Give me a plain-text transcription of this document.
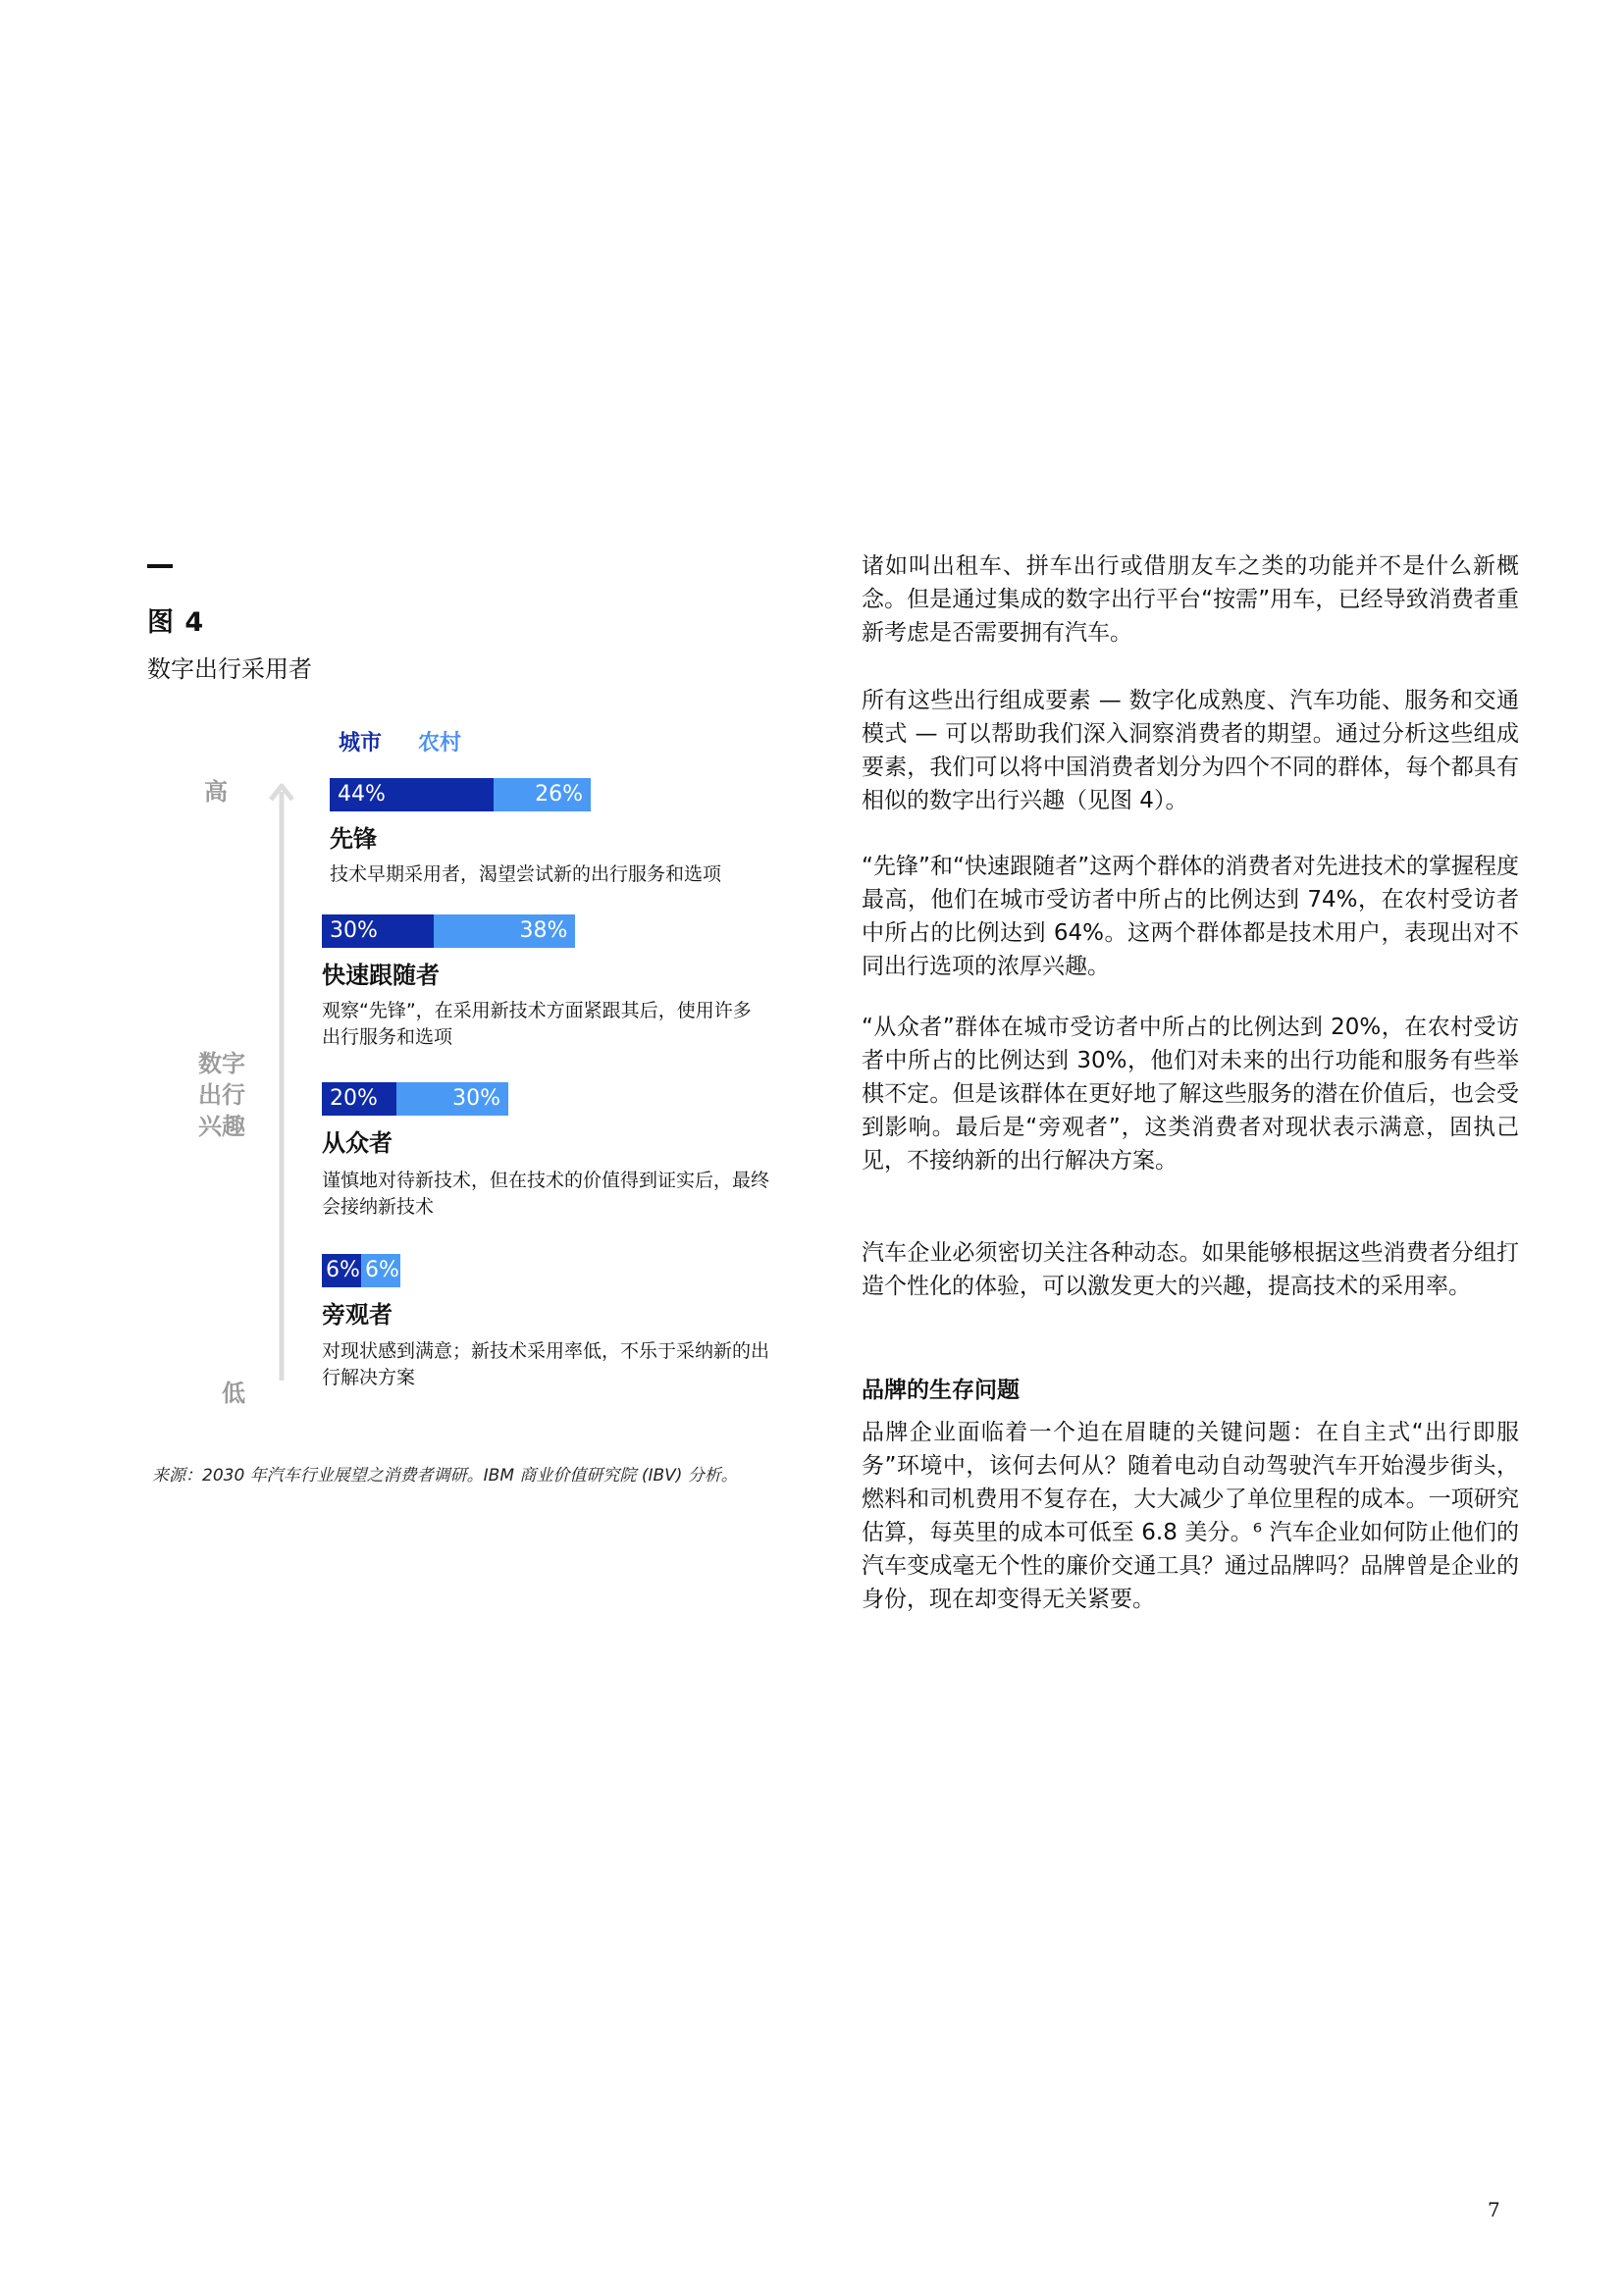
图 4
数字出行采用者
城市 农村
高
数字
出行
兴趣
低
44%	26%
先锋
技术早期采用者，渴望尝试新的出行服务和选项
30%	38%
快速跟随者
观察“先锋”，在采用新技术方面紧跟其后，使用许多出行服务和选项
20%	30%
从众者
谨慎地对待新技术，但在技术的价值得到证实后，最终会接纳新技术
6% 6%
旁观者
对现状感到满意；新技术采用率低，不乐于采纳新的出行解决方案
来源：2030 年汽车行业展望之消费者调研。IBM 商业价值研究院 (IBV) 分析。
诸如叫出租车、拼车出行或借朋友车之类的功能并不是什么新概念。但是通过集成的数字出行平台“按需”用车，已经导致消费者重新考虑是否需要拥有汽车。
所有这些出行组成要素 — 数字化成熟度、汽车功能、服务和交通模式 — 可以帮助我们深入洞察消费者的期望。通过分析这些组成要素，我们可以将中国消费者划分为四个不同的群体，每个都具有相似的数字出行兴趣（见图 4）。
“先锋”和“快速跟随者”这两个群体的消费者对先进技术的掌握程度最高，他们在城市受访者中所占的比例达到 74%，在农村受访者中所占的比例达到 64%。这两个群体都是技术用户，表现出对不同出行选项的浓厚兴趣。
“从众者”群体在城市受访者中所占的比例达到 20%，在农村受访者中所占的比例达到 30%，他们对未来的出行功能和服务有些举棋不定。但是该群体在更好地了解这些服务的潜在价值后，也会受到影响。最后是“旁观者”，这类消费者对现状表示满意，固执己见，不接纳新的出行解决方案。
汽车企业必须密切关注各种动态。如果能够根据这些消费者分组打造个性化的体验，可以激发更大的兴趣，提高技术的采用率。
品牌的生存问题
品牌企业面临着一个迫在眉睫的关键问题：在自主式“出行即服务”环境中，该何去何从？随着电动自动驾驶汽车开始漫步街头，燃料和司机费用不复存在，大大减少了单位里程的成本。一项研究估算，每英里的成本可低至 6.8 美分。⁶ 汽车企业如何防止他们的汽车变成毫无个性的廉价交通工具？通过品牌吗？品牌曾是企业的身份，现在却变得无关紧要。
7
